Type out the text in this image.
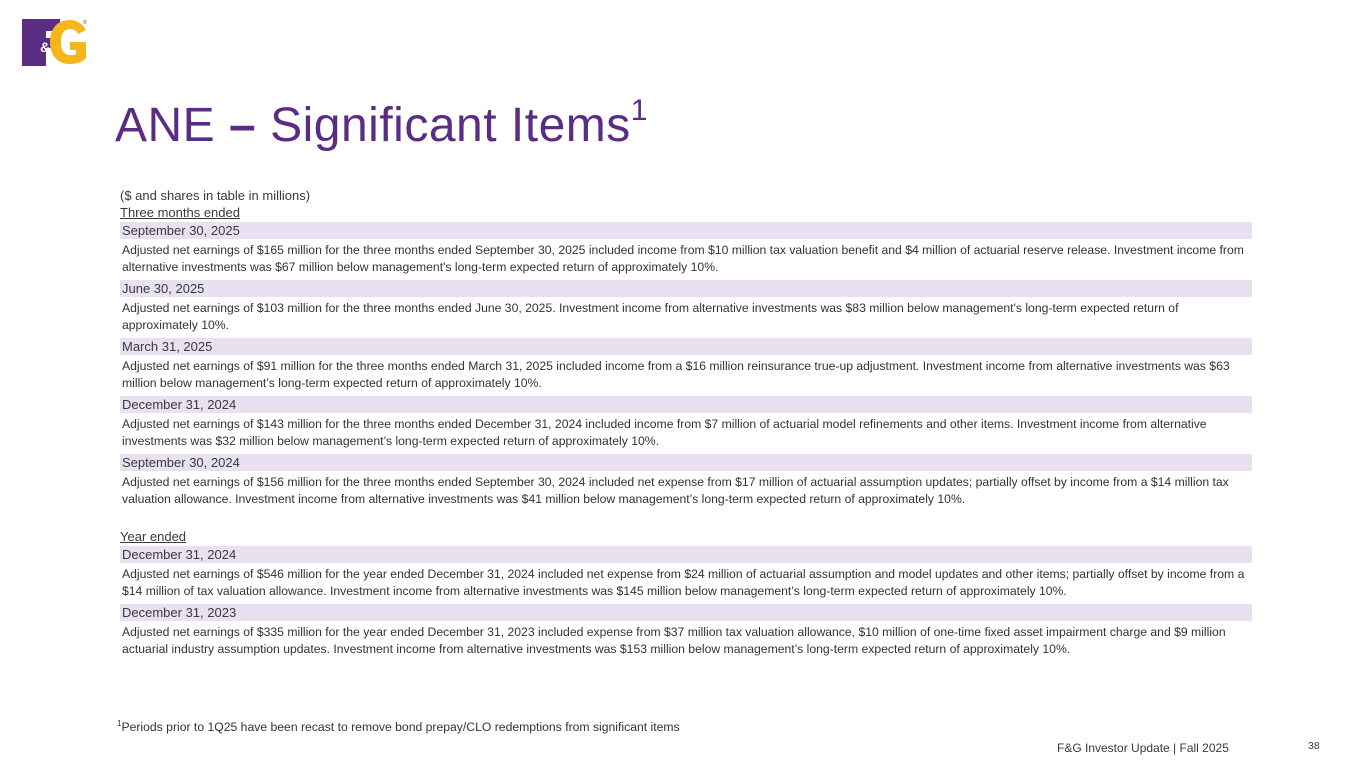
&
®
ANE – Significant Items$^1$
($ and shares in table in millions)
Three months ended
September 30, 2025
Adjusted net earnings of $165 million for the three months ended September 30, 2025 included income from $10 million tax valuation benefit and $4 million of actuarial reserve release. Investment income from alternative investments was $67 million below management's long-term expected return of approximately 10%.
June 30, 2025
Adjusted net earnings of $103 million for the three months ended June 30, 2025. Investment income from alternative investments was $83 million below management's long-term expected return of approximately 10%.
March 31, 2025
Adjusted net earnings of $91 million for the three months ended March 31, 2025 included income from a $16 million reinsurance true-up adjustment. Investment income from alternative investments was $63 million below management’s long-term expected return of approximately 10%.
December 31, 2024
Adjusted net earnings of $143 million for the three months ended December 31, 2024 included income from $7 million of actuarial model refinements and other items. Investment income from alternative investments was $32 million below management’s long-term expected return of approximately 10%.
September 30, 2024
Adjusted net earnings of $156 million for the three months ended September 30, 2024 included net expense from $17 million of actuarial assumption updates; partially offset by income from a $14 million tax valuation allowance. Investment income from alternative investments was $41 million below management’s long-term expected return of approximately 10%.
Year ended
December 31, 2024
Adjusted net earnings of $546 million for the year ended December 31, 2024 included net expense from $24 million of actuarial assumption and model updates and other items; partially offset by income from a $14 million of tax valuation allowance. Investment income from alternative investments was $145 million below management’s long-term expected return of approximately 10%.
December 31, 2023
Adjusted net earnings of $335 million for the year ended December 31, 2023 included expense from $37 million tax valuation allowance, $10 million of one-time fixed asset impairment charge and $9 million actuarial industry assumption updates. Investment income from alternative investments was $153 million below management’s long-term expected return of approximately 10%.
$^1$Periods prior to 1Q25 have been recast to remove bond prepay/CLO redemptions from significant items
F&G Investor Update | Fall 2025	38
